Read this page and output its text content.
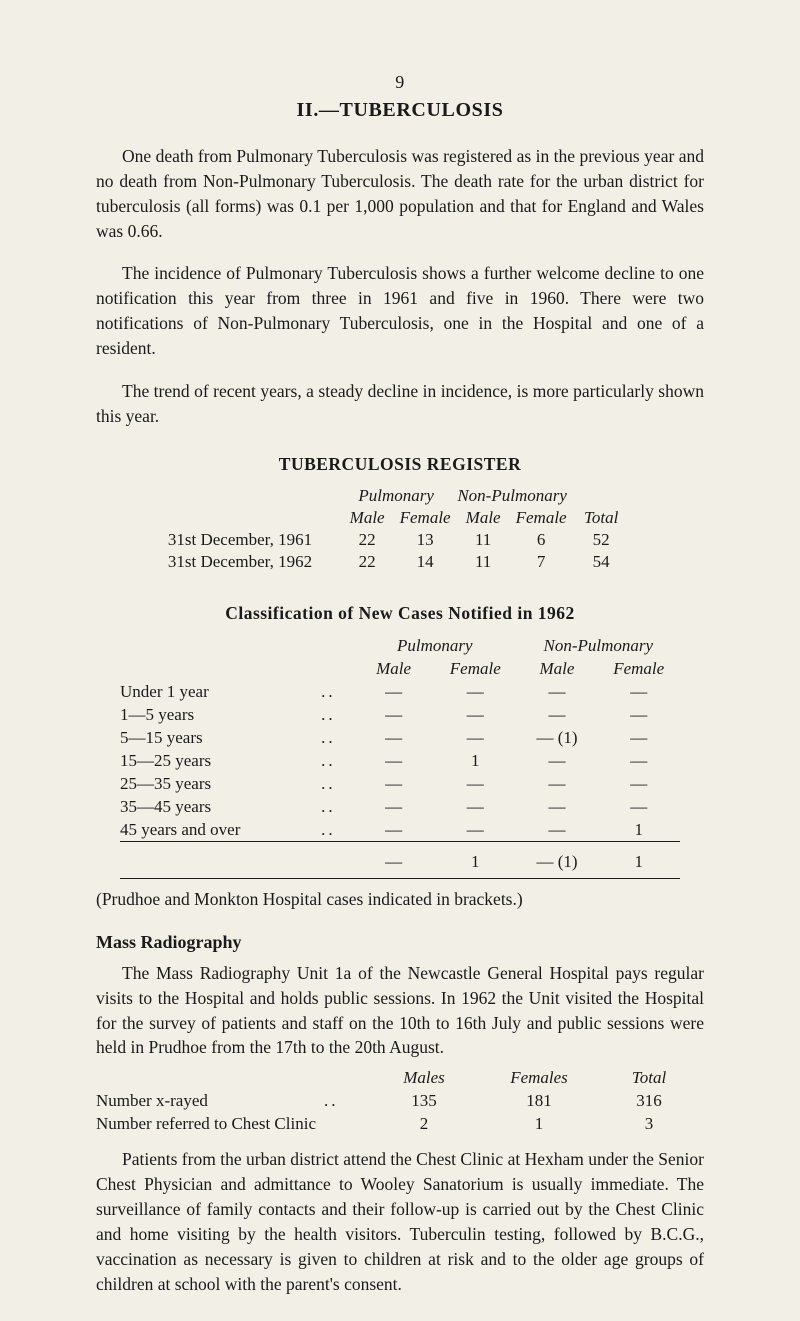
9
II.—TUBERCULOSIS

One death from Pulmonary Tuberculosis was registered as in the previous year and no death from Non-Pulmonary Tuberculosis. The death rate for the urban district for tuberculosis (all forms) was 0.1 per 1,000 population and that for England and Wales was 0.66.

The incidence of Pulmonary Tuberculosis shows a further welcome decline to one notification this year from three in 1961 and five in 1960. There were two notifications of Non-Pulmonary Tuberculosis, one in the Hospital and one of a resident.

The trend of recent years, a steady decline in incidence, is more particularly shown this year.

TUBERCULOSIS REGISTER
	Pulmonary		Non-Pulmonary		
	Male	Female	Male	Female	Total
31st December, 1961	22	13	11	6	52
31st December, 1962	22	14	11	7	54
Classification of New Cases Notified in 1962
		Pulmonary		Non-Pulmonary	
		Male	Female	Male	Female
Under 1 year	..	—	—	—	—
1—5 years	..	—	—	—	—
5—15 years	..	—	—	— (1)	—
15—25 years	..	—	1	—	—
25—35 years	..	—	—	—	—
35—45 years	..	—	—	—	—
45 years and over	..	—	—	—	1

		—	1	— (1)	1

(Prudhoe and Monkton Hospital cases indicated in brackets.)

Mass Radiography

The Mass Radiography Unit 1a of the Newcastle General Hospital pays regular visits to the Hospital and holds public sessions. In 1962 the Unit visited the Hospital for the survey of patients and staff on the 10th to 16th July and public sessions were held in Prudhoe from the 17th to the 20th August.

		Males	Females	Total
Number x-rayed	..	135	181	316
Number referred to Chest Clinic		2	1	3

Patients from the urban district attend the Chest Clinic at Hexham under the Senior Chest Physician and admittance to Wooley Sanatorium is usually immediate. The surveillance of family contacts and their follow-up is carried out by the Chest Clinic and home visiting by the health visitors. Tuberculin testing, followed by B.C.G., vaccination as necessary is given to children at risk and to the older age groups of children at school with the parent's consent.
